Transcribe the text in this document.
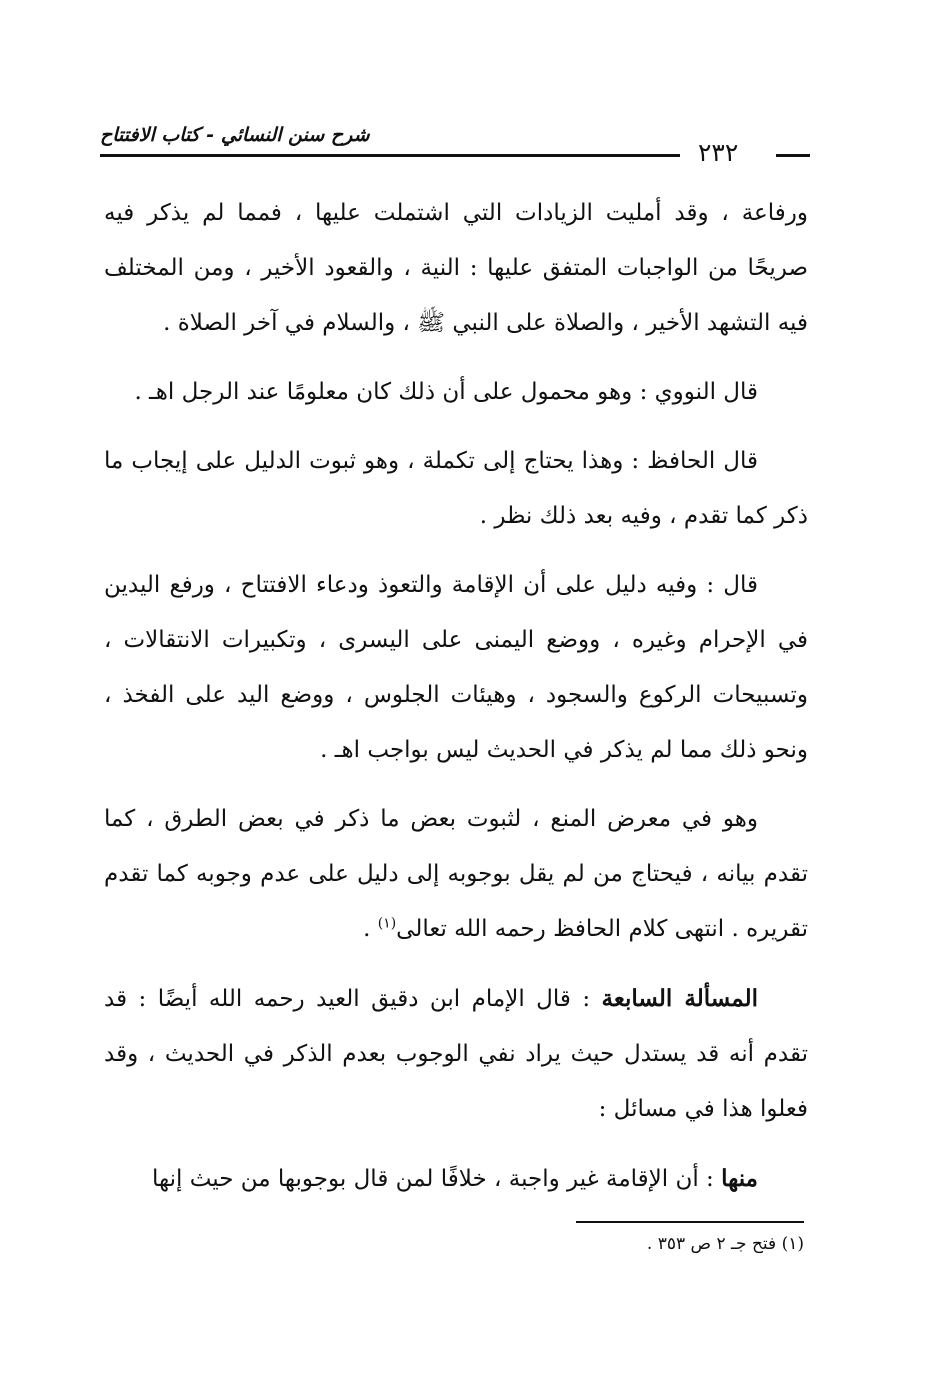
شرح سنن النسائي - كتاب الافتتاح
٢٣٢

ورفاعة ، وقد أمليت الزيادات التي اشتملت عليها ، فمما لم يذكر فيه صريحًا من الواجبات المتفق عليها : النية ، والقعود الأخير ، ومن المختلف فيه التشهد الأخير ، والصلاة على النبي ﷺ ، والسلام في آخر الصلاة .

قال النووي : وهو محمول على أن ذلك كان معلومًا عند الرجل اهـ .

قال الحافظ : وهذا يحتاج إلى تكملة ، وهو ثبوت الدليل على إيجاب ما ذكر كما تقدم ، وفيه بعد ذلك نظر .

قال : وفيه دليل على أن الإقامة والتعوذ ودعاء الافتتاح ، ورفع اليدين في الإحرام وغيره ، ووضع اليمنى على اليسرى ، وتكبيرات الانتقالات ، وتسبيحات الركوع والسجود ، وهيئات الجلوس ، ووضع اليد على الفخذ ، ونحو ذلك مما لم يذكر في الحديث ليس بواجب اهـ .

وهو في معرض المنع ، لثبوت بعض ما ذكر في بعض الطرق ، كما تقدم بيانه ، فيحتاج من لم يقل بوجوبه إلى دليل على عدم وجوبه كما تقدم تقريره . انتهى كلام الحافظ رحمه الله تعالى$^{(١)}$ .

المسألة السابعة : قال الإمام ابن دقيق العيد رحمه الله أيضًا : قد تقدم أنه قد يستدل حيث يراد نفي الوجوب بعدم الذكر في الحديث ، وقد فعلوا هذا في مسائل :

منها : أن الإقامة غير واجبة ، خلافًا لمن قال بوجوبها من حيث إنها

(١) فتح جـ ٢ ص ٣٥٣ .
